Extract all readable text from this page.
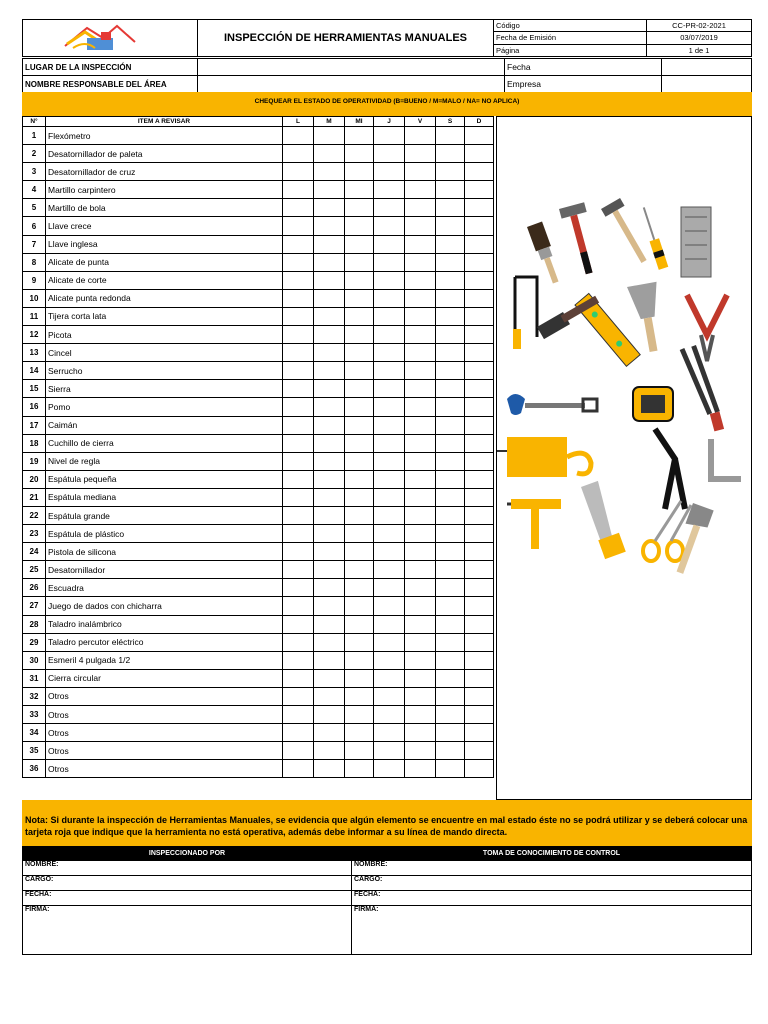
	INSPECCIÓN DE HERRAMIENTAS MANUALES	Código	CC-PR-02-2021
		Fecha de Emisión	03/07/2019
		Página	1 de 1
LUGAR DE LA INSPECCIÓN		Fecha	
NOMBRE RESPONSABLE DEL ÁREA		Empresa	
CHEQUEAR EL ESTADO DE OPERATIVIDAD (B=BUENO / M=MALO / NA= NO APLICA)
N°	ITEM A REVISAR	L	M	MI	J	V	S	D
1	Flexómetro							
2	Desatornillador de paleta							
3	Desatornillador de cruz							
4	Martillo carpintero							
5	Martillo de bola							
6	Llave crece							
7	Llave inglesa							
8	Alicate de punta							
9	Alicate de corte							
10	Alicate punta redonda							
11	Tijera corta lata							
12	Picota							
13	Cincel							
14	Serrucho							
15	Sierra							
16	Pomo							
17	Caimán							
18	Cuchillo de cierra							
19	Nivel de regla							
20	Espátula pequeña							
21	Espátula mediana							
22	Espátula grande							
23	Espátula de plástico							
24	Pistola de silicona							
25	Desatornillador							
26	Escuadra							
27	Juego de dados con chicharra							
28	Taladro inalámbrico							
29	Taladro percutor eléctrico							
30	Esmeril 4 pulgada 1/2							
31	Cierra circular							
32	Otros							
33	Otros							
34	Otros							
35	Otros							
36	Otros							
Nota: Si durante la inspección de Herramientas Manuales, se evidencia que algún elemento se encuentre en mal estado éste no se podrá utilizar y se deberá colocar una tarjeta roja que indique que la herramienta no está operativa, además debe informar a su línea de mando directa.
INSPECCIONADO POR	TOMA DE CONOCIMIENTO DE CONTROL
NOMBRE:	NOMBRE:
CARGO:	CARGO:
FECHA:	FECHA:
FIRMA:	FIRMA:
